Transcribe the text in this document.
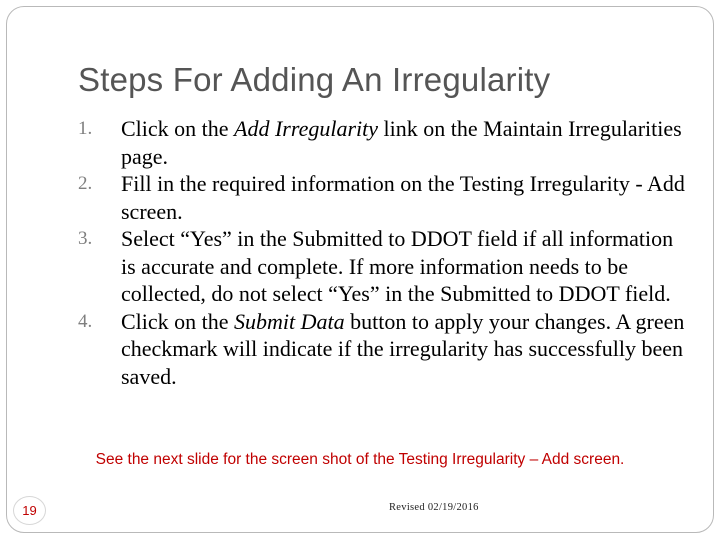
Steps For Adding An Irregularity
1.	Click on the Add Irregularity link on the Maintain Irregularities page.
2.	Fill in the required information on the Testing Irregularity - Add screen.
3.	Select “Yes” in the Submitted to DDOT field if all information is accurate and complete. If more information needs to be collected, do not select “Yes” in the Submitted to DDOT field.
4.	Click on the Submit Data button to apply your changes. A green checkmark will indicate if the irregularity has successfully been saved.
See the next slide for the screen shot of the Testing Irregularity – Add screen.
19	Revised 02/19/2016
